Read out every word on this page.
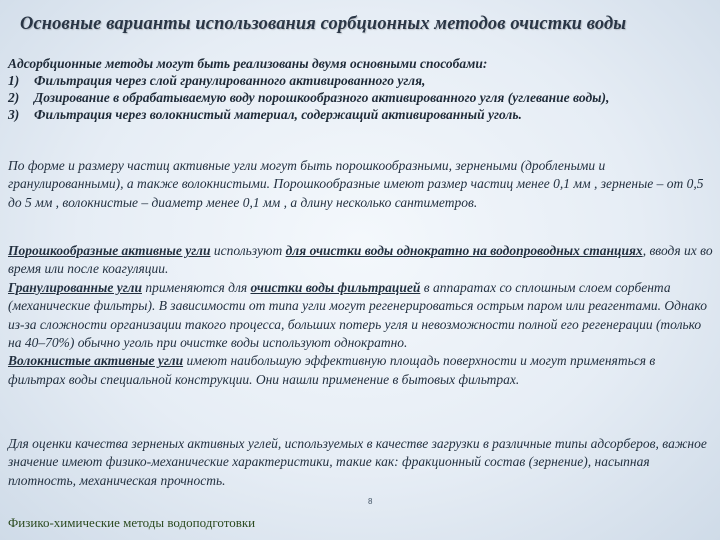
Основные варианты использования сорбционных методов очистки воды

Адсорбционные методы могут быть реализованы двумя основными способами:

1) Фильтрация через слой гранулированного активированного угля,
2) Дозирование в обрабатываемую воду порошкообразного активированного угля (углевание воды),
3) Фильтрация через волокнистый материал, содержащий активированный уголь.
По форме и размеру частиц активные угли могут быть порошкообразными, зернеными (дроблеными и гранулированными), а также волокнистыми. Порошкообразные имеют размер частиц менее 0,1 мм , зерненые – от 0,5 до 5 мм , волокнистые – диаметр менее 0,1 мм , а длину несколько сантиметров.
Порошкообразные активные угли используют для очистки воды однократно на водопроводных станциях, вводя их во время или после коагуляции.
Гранулированные угли применяются для очистки воды фильтрацией в аппаратах со сплошным слоем сорбента (механические фильтры). В зависимости от типа угли могут регенерироваться острым паром или реагентами. Однако из-за сложности организации такого процесса, больших потерь угля и невозможности полной его регенерации (только на 40–70%) обычно уголь при очистке воды используют однократно.
Волокнистые активные угли имеют наибольшую эффективную площадь поверхности и могут применяться в фильтрах воды специальной конструкции. Они нашли применение в бытовых фильтрах.
Для оценки качества зерненых активных углей, используемых в качестве загрузки в различные типы адсорберов, важное значение имеют физико-механические характеристики, такие как: фракционный состав (зернение), насыпная плотность, механическая прочность.
8
Физико-химические методы водоподготовки
